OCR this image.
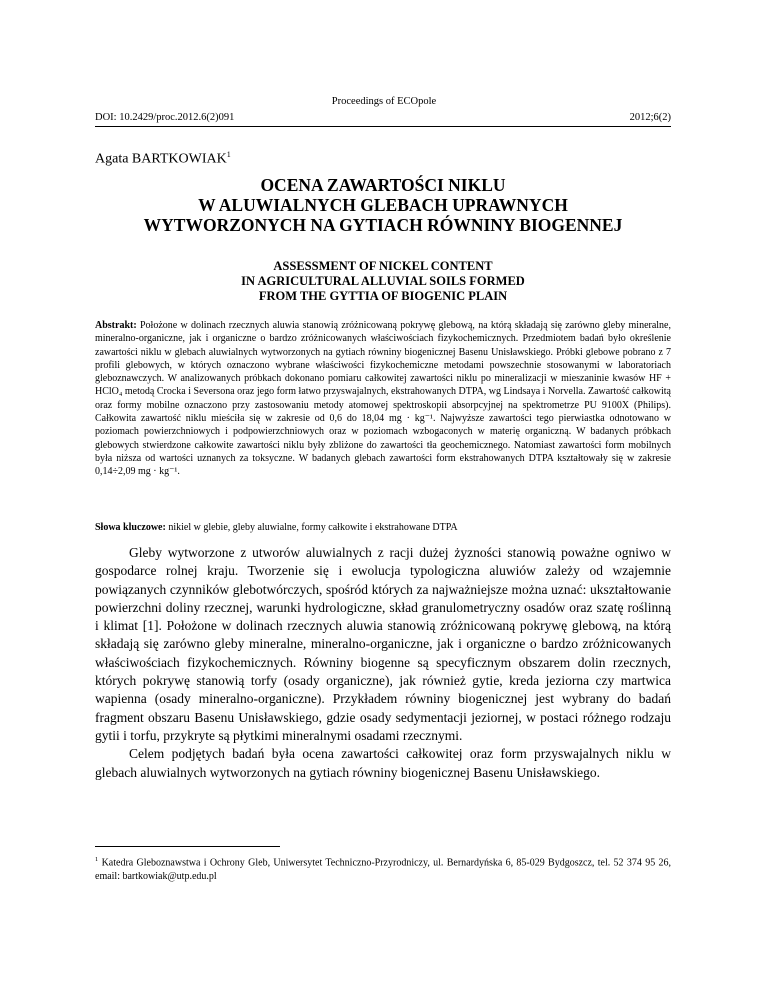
Proceedings of ECOpole
DOI: 10.2429/proc.2012.6(2)091	2012;6(2)
Agata BARTKOWIAK$^1$
OCENA ZAWARTOŚCI NIKLU
W ALUWIALNYCH GLEBACH UPRAWNYCH
WYTWORZONYCH NA GYTIACH RÓWNINY BIOGENNEJ
ASSESSMENT OF NICKEL CONTENT
IN AGRICULTURAL ALLUVIAL SOILS FORMED
FROM THE GYTTIA OF BIOGENIC PLAIN

Abstrakt: Położone w dolinach rzecznych aluwia stanowią zróżnicowaną pokrywę glebową, na którą składają się zarówno gleby mineralne, mineralno-organiczne, jak i organiczne o bardzo zróżnicowanych właściwościach fizykochemicznych. Przedmiotem badań było określenie zawartości niklu w glebach aluwialnych wytworzonych na gytiach równiny biogenicznej Basenu Unisławskiego. Próbki glebowe pobrano z 7 profili glebowych, w których oznaczono wybrane właściwości fizykochemiczne metodami powszechnie stosowanymi w laboratoriach gleboznawczych. W analizowanych próbkach dokonano pomiaru całkowitej zawartości niklu po mineralizacji w mieszaninie kwasów HF + HClO₄ metodą Crocka i Seversona oraz jego form łatwo przyswajalnych, ekstrahowanych DTPA, wg Lindsaya i Norvella. Zawartość całkowitą oraz formy mobilne oznaczono przy zastosowaniu metody atomowej spektroskopii absorpcyjnej na spektrometrze PU 9100X (Philips). Całkowita zawartość niklu mieściła się w zakresie od 0,6 do 18,04 mg · kg⁻¹. Najwyższe zawartości tego pierwiastka odnotowano w poziomach powierzchniowych i podpowierzchniowych oraz w poziomach wzbogaconych w materię organiczną. W badanych próbkach glebowych stwierdzone całkowite zawartości niklu były zbliżone do zawartości tła geochemicznego. Natomiast zawartości form mobilnych była niższa od wartości uznanych za toksyczne. W badanych glebach zawartości form ekstrahowanych DTPA kształtowały się w zakresie 0,14÷2,09 mg · kg⁻¹.

Słowa kluczowe: nikiel w glebie, gleby aluwialne, formy całkowite i ekstrahowane DTPA

Gleby wytworzone z utworów aluwialnych z racji dużej żyzności stanowią poważne ogniwo w gospodarce rolnej kraju. Tworzenie się i ewolucja typologiczna aluwiów zależy od wzajemnie powiązanych czynników glebotwórczych, spośród których za najważniejsze można uznać: ukształtowanie powierzchni doliny rzecznej, warunki hydrologiczne, skład granulometryczny osadów oraz szatę roślinną i klimat [1]. Położone w dolinach rzecznych aluwia stanowią zróżnicowaną pokrywę glebową, na którą składają się zarówno gleby mineralne, mineralno-organiczne, jak i organiczne o bardzo zróżnicowanych właściwościach fizykochemicznych. Równiny biogenne są specyficznym obszarem dolin rzecznych, których pokrywę stanowią torfy (osady organiczne), jak również gytie, kreda jeziorna czy martwica wapienna (osady mineralno-organiczne). Przykładem równiny biogenicznej jest wybrany do badań fragment obszaru Basenu Unisławskiego, gdzie osady sedymentacji jeziornej, w postaci różnego rodzaju gytii i torfu, przykryte są płytkimi mineralnymi osadami rzecznymi.

Celem podjętych badań była ocena zawartości całkowitej oraz form przyswajalnych niklu w glebach aluwialnych wytworzonych na gytiach równiny biogenicznej Basenu Unisławskiego.

$^1$ Katedra Gleboznawstwa i Ochrony Gleb, Uniwersytet Techniczno-Przyrodniczy, ul. Bernardyńska 6, 85-029 Bydgoszcz, tel. 52 374 95 26, email: bartkowiak@utp.edu.pl
